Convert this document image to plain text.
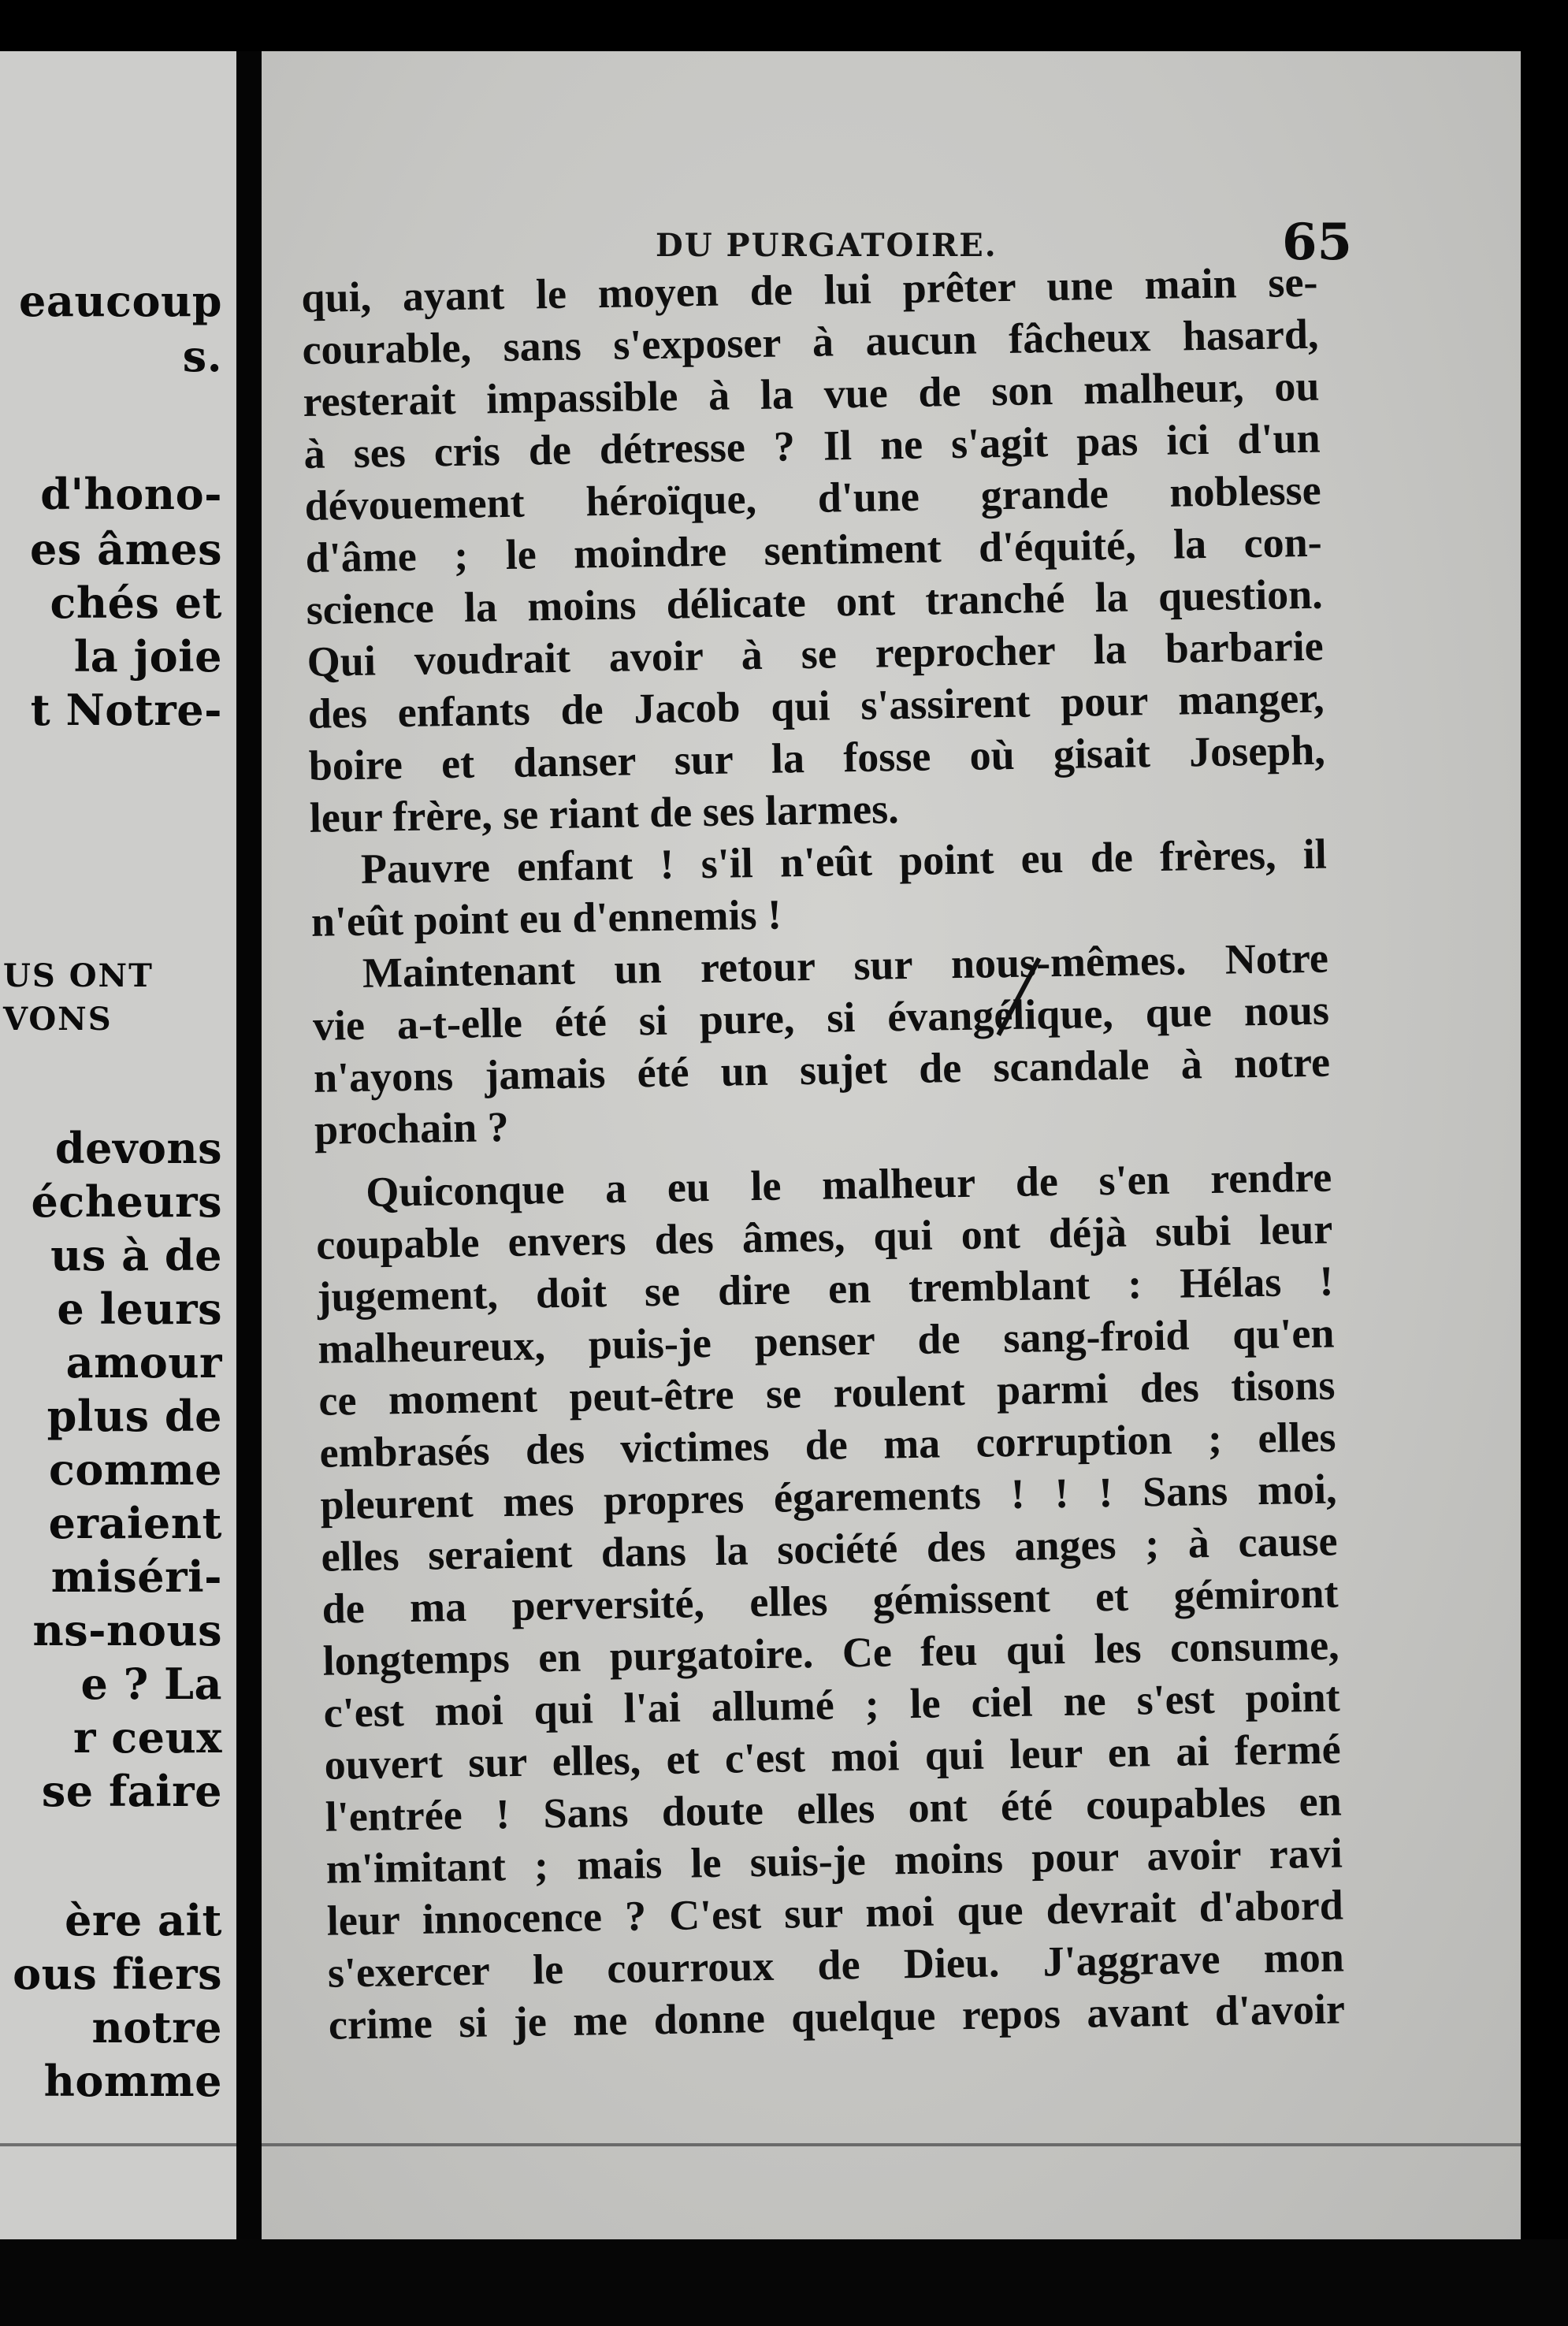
eaucoup

s.

d'hono-

es âmes

chés et

la joie

t Notre-

US ONT

VONS

devons

écheurs

us à de

e leurs

amour

plus de

comme

eraient

miséri-

ns-nous

e ? La

r ceux

se faire

ère ait

ous fiers

notre

homme

DU PURGATOIRE.	65

qui, ayant le moyen de lui prêter une main se-

courable, sans s'exposer à aucun fâcheux hasard,

resterait impassible à la vue de son malheur, ou

à ses cris de détresse ? Il ne s'agit pas ici d'un

dévouement héroïque, d'une grande noblesse

d'âme ; le moindre sentiment d'équité, la con-

science la moins délicate ont tranché la question.

Qui voudrait avoir à se reprocher la barbarie

des enfants de Jacob qui s'assirent pour manger,

boire et danser sur la fosse où gisait Joseph,

leur frère, se riant de ses larmes.

Pauvre enfant ! s'il n'eût point eu de frères, il

n'eût point eu d'ennemis !

Maintenant un retour sur nous-mêmes. Notre

vie a-t-elle été si pure, si évangélique, que nous

n'ayons jamais été un sujet de scandale à notre

prochain ?

Quiconque a eu le malheur de s'en rendre

coupable envers des âmes, qui ont déjà subi leur

jugement, doit se dire en tremblant : Hélas !

malheureux, puis-je penser de sang-froid qu'en

ce moment peut-être se roulent parmi des tisons

embrasés des victimes de ma corruption ; elles

pleurent mes propres égarements ! ! ! Sans moi,

elles seraient dans la société des anges ; à cause

de ma perversité, elles gémissent et gémiront

longtemps en purgatoire. Ce feu qui les consume,

c'est moi qui l'ai allumé ; le ciel ne s'est point

ouvert sur elles, et c'est moi qui leur en ai fermé

l'entrée ! Sans doute elles ont été coupables en

m'imitant ; mais le suis-je moins pour avoir ravi

leur innocence ? C'est sur moi que devrait d'abord

s'exercer le courroux de Dieu. J'aggrave mon

crime si je me donne quelque repos avant d'avoir
